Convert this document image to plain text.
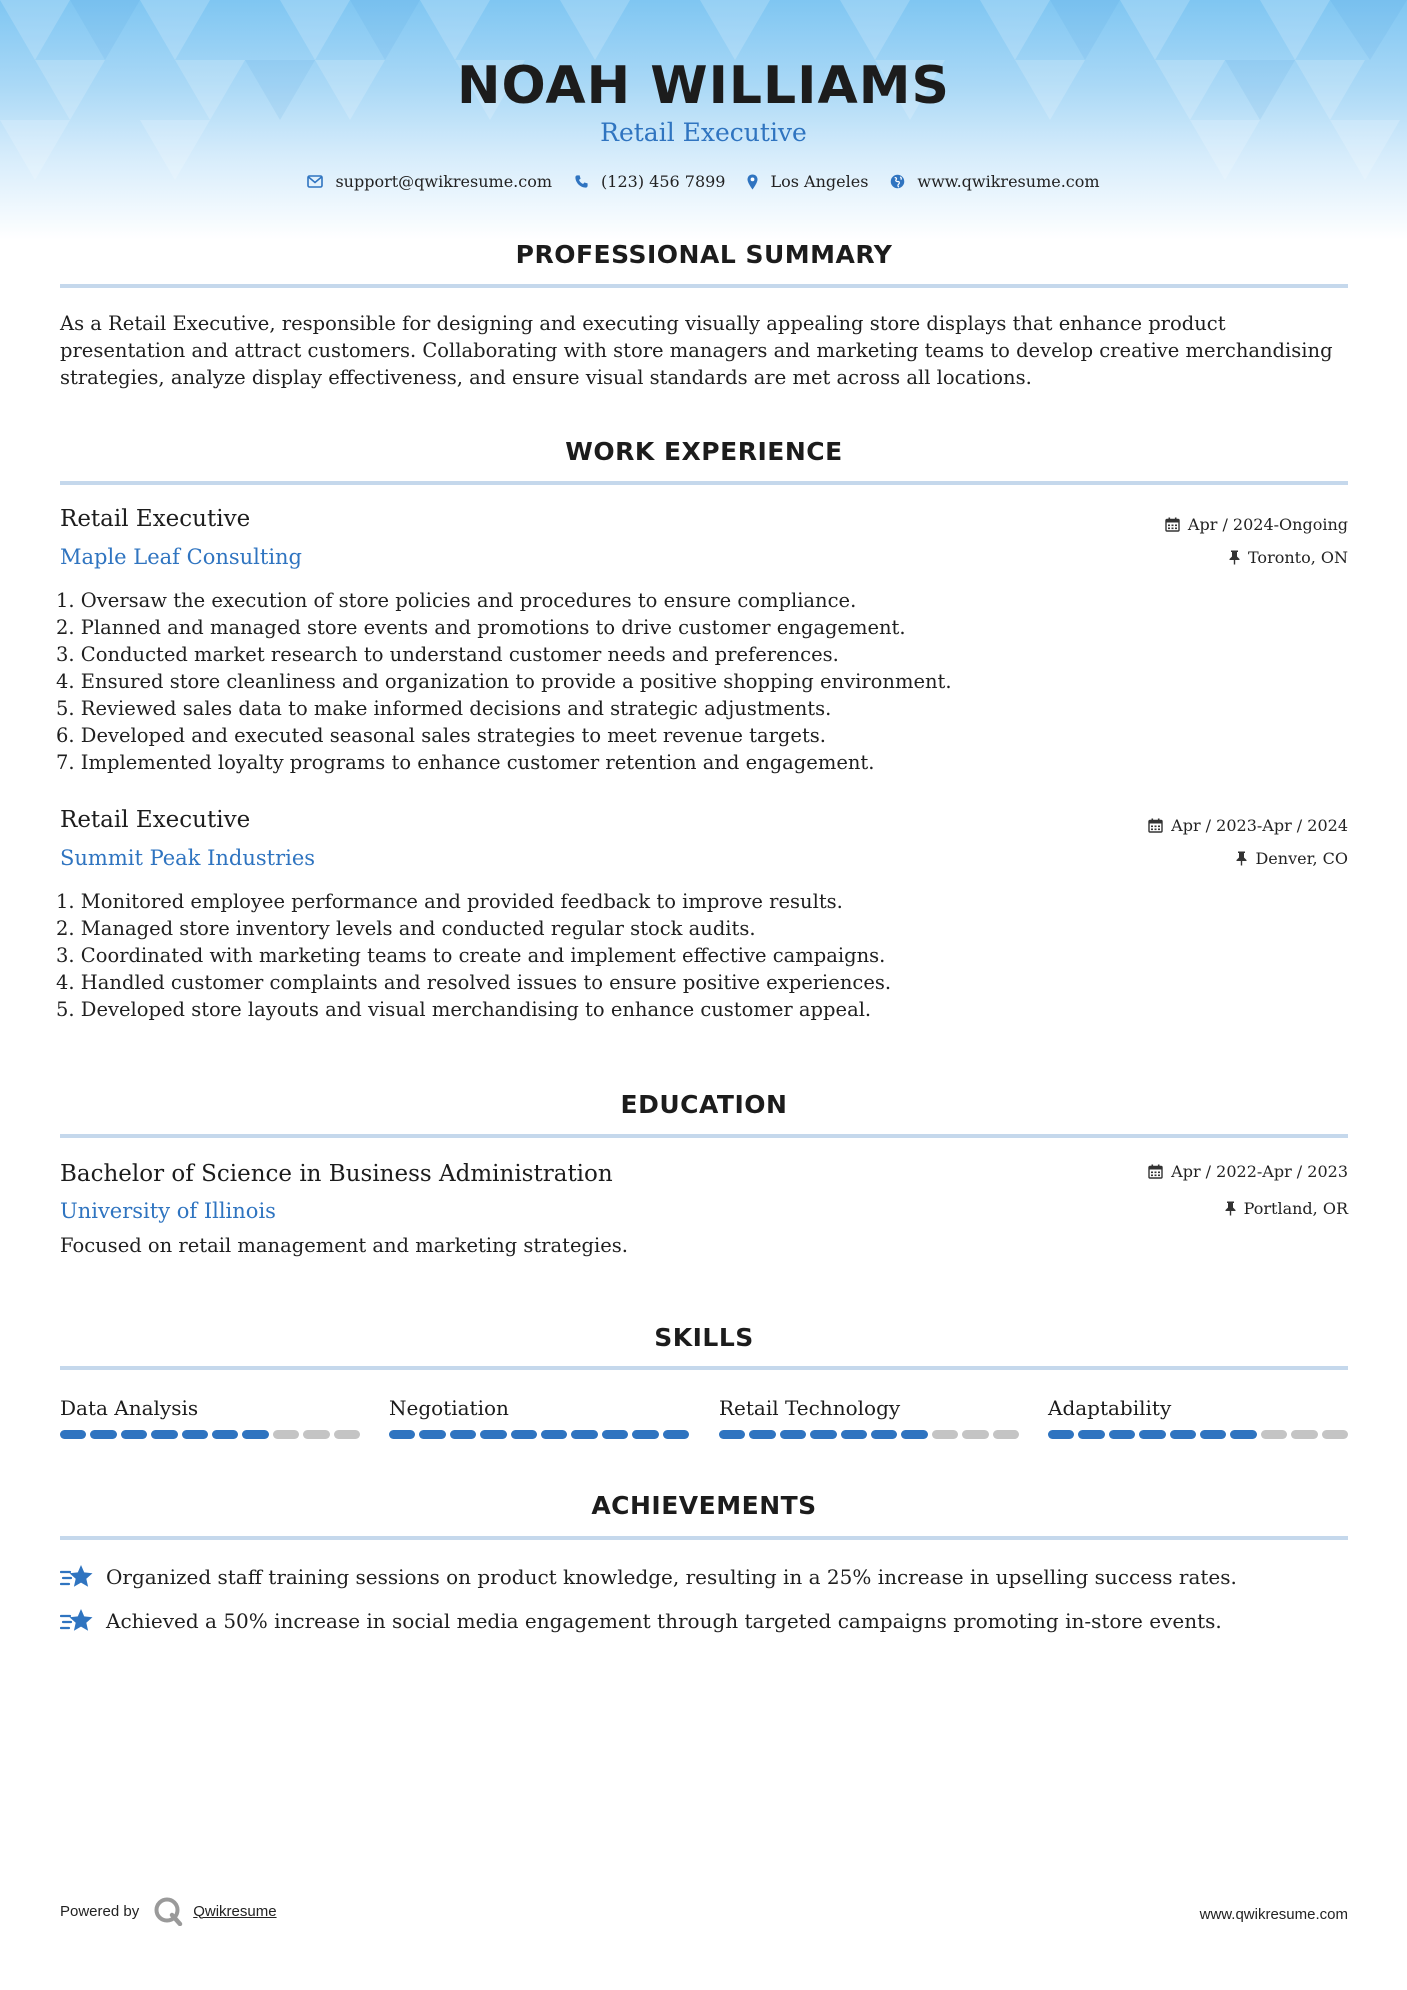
NOAH WILLIAMS
Retail Executive
support@qwikresume.com	(123) 456 7899	Los Angeles	www.qwikresume.com
PROFESSIONAL SUMMARY
As a Retail Executive, responsible for designing and executing visually appealing store displays that enhance product presentation and attract customers. Collaborating with store managers and marketing teams to develop creative merchandising strategies, analyze display effectiveness, and ensure visual standards are met across all locations.
WORK EXPERIENCE
Retail Executive
Maple Leaf Consulting
Apr / 2024-Ongoing
Toronto, ON
1. Oversaw the execution of store policies and procedures to ensure compliance.
2. Planned and managed store events and promotions to drive customer engagement.
3. Conducted market research to understand customer needs and preferences.
4. Ensured store cleanliness and organization to provide a positive shopping environment.
5. Reviewed sales data to make informed decisions and strategic adjustments.
6. Developed and executed seasonal sales strategies to meet revenue targets.
7. Implemented loyalty programs to enhance customer retention and engagement.
Retail Executive
Summit Peak Industries
Apr / 2023-Apr / 2024
Denver, CO
1. Monitored employee performance and provided feedback to improve results.
2. Managed store inventory levels and conducted regular stock audits.
3. Coordinated with marketing teams to create and implement effective campaigns.
4. Handled customer complaints and resolved issues to ensure positive experiences.
5. Developed store layouts and visual merchandising to enhance customer appeal.
EDUCATION
Bachelor of Science in Business Administration
University of Illinois
Apr / 2022-Apr / 2023
Portland, OR
Focused on retail management and marketing strategies.
SKILLS
Data Analysis	Negotiation	Retail Technology	Adaptability
ACHIEVEMENTS
Organized staff training sessions on product knowledge, resulting in a 25% increase in upselling success rates.
Achieved a 50% increase in social media engagement through targeted campaigns promoting in-store events.
Powered by	Qwikresume	www.qwikresume.com
